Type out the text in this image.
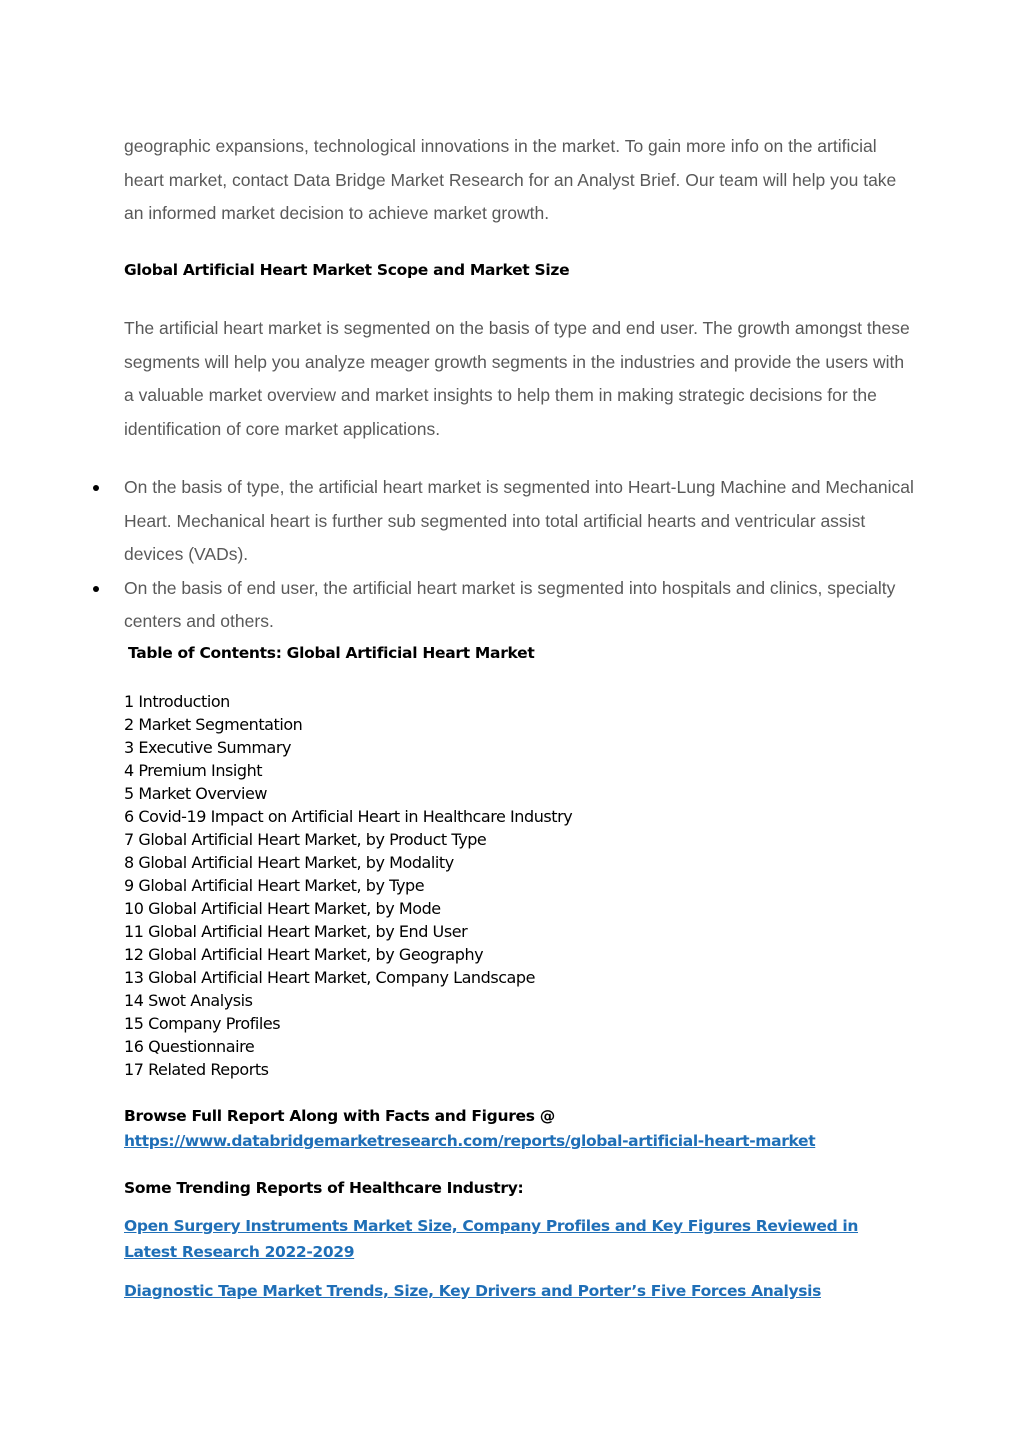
geographic expansions, technological innovations in the market. To gain more info on the artificial heart market, contact Data Bridge Market Research for an Analyst Brief. Our team will help you take an informed market decision to achieve market growth.

Global Artificial Heart Market Scope and Market Size

The artificial heart market is segmented on the basis of type and end user. The growth amongst these segments will help you analyze meager growth segments in the industries and provide the users with a valuable market overview and market insights to help them in making strategic decisions for the identification of core market applications.

On the basis of type, the artificial heart market is segmented into Heart-Lung Machine and Mechanical Heart. Mechanical heart is further sub segmented into total artificial hearts and ventricular assist devices (VADs).
On the basis of end user, the artificial heart market is segmented into hospitals and clinics, specialty centers and others.
Table of Contents: Global Artificial Heart Market
1 Introduction
2 Market Segmentation
3 Executive Summary
4 Premium Insight
5 Market Overview
6 Covid-19 Impact on Artificial Heart in Healthcare Industry
7 Global Artificial Heart Market, by Product Type
8 Global Artificial Heart Market, by Modality
9 Global Artificial Heart Market, by Type
10 Global Artificial Heart Market, by Mode
11 Global Artificial Heart Market, by End User
12 Global Artificial Heart Market, by Geography
13 Global Artificial Heart Market, Company Landscape
14 Swot Analysis
15 Company Profiles
16 Questionnaire
17 Related Reports
Browse Full Report Along with Facts and Figures @
https://www.databridgemarketresearch.com/reports/global-artificial-heart-market
Some Trending Reports of Healthcare Industry:
Open Surgery Instruments Market Size, Company Profiles and Key Figures Reviewed in Latest Research 2022-2029
Diagnostic Tape Market Trends, Size, Key Drivers and Porter’s Five Forces Analysis
